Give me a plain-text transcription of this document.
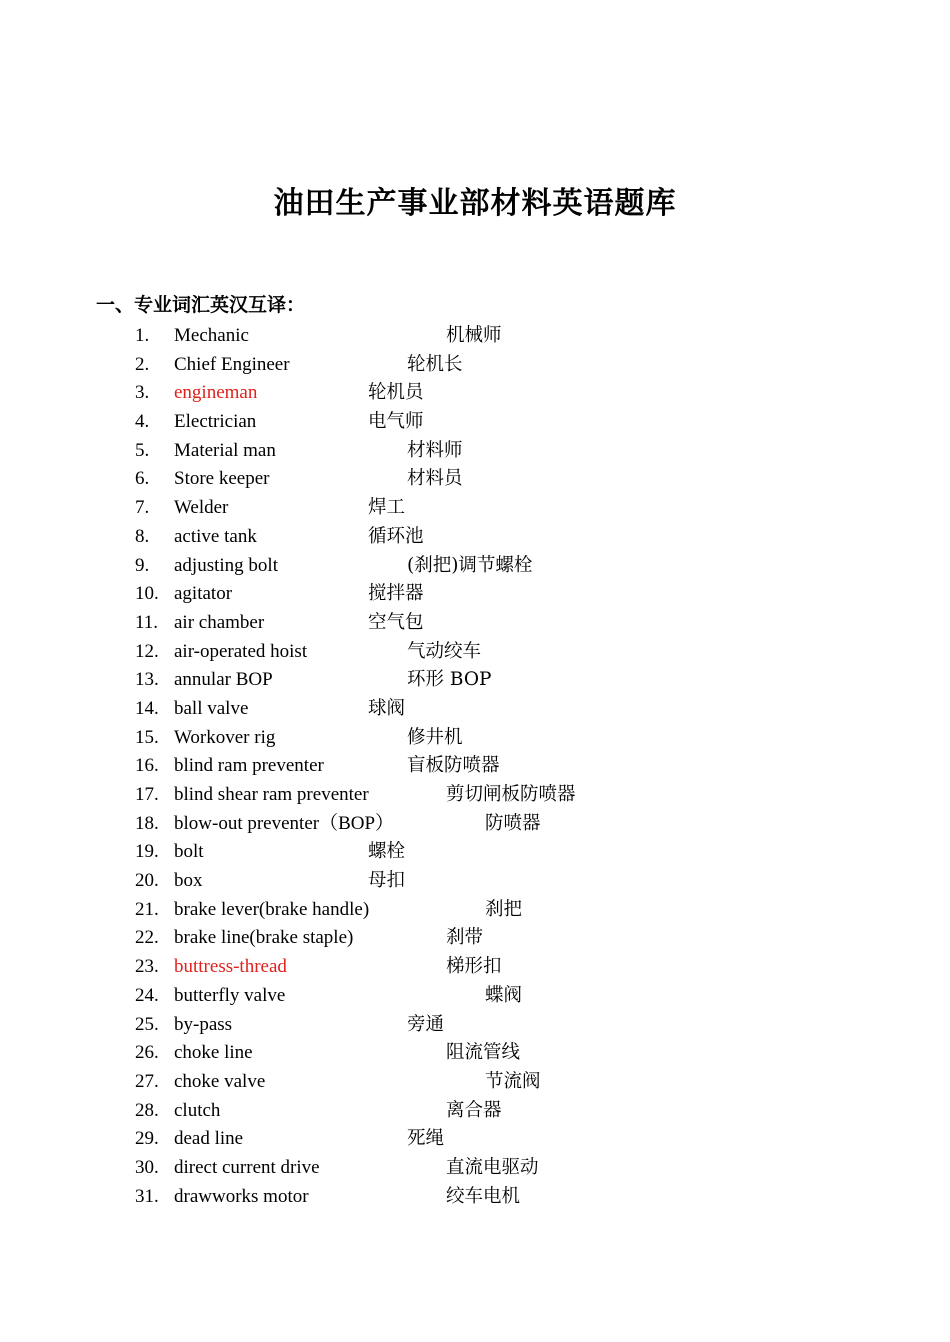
油田生产事业部材料英语题库
一、专业词汇英汉互译：
1. Mechanic	机械师
2. Chief Engineer	轮机长
3. engineman	轮机员
4. Electrician	电气师
5. Material man	材料师
6. Store keeper	材料员
7. Welder	焊工
8. active tank	循环池
9. adjusting bolt	(刹把)调节螺栓
10. agitator	搅拌器
11. air chamber	空气包
12. air-operated hoist	气动绞车
13. annular BOP	环形 BOP
14. ball valve	球阀
15. Workover rig	修井机
16. blind ram preventer	盲板防喷器
17. blind shear ram preventer	剪切闸板防喷器
18. blow-out preventer（BOP）	防喷器
19. bolt	螺栓
20. box	母扣
21. brake lever(brake handle)	刹把
22. brake line(brake staple)	刹带
23. buttress-thread	梯形扣
24. butterfly valve	蝶阀
25. by-pass	旁通
26. choke line	阻流管线
27. choke valve	节流阀
28. clutch	离合器
29. dead line	死绳
30. direct current drive	直流电驱动
31. drawworks motor	绞车电机
